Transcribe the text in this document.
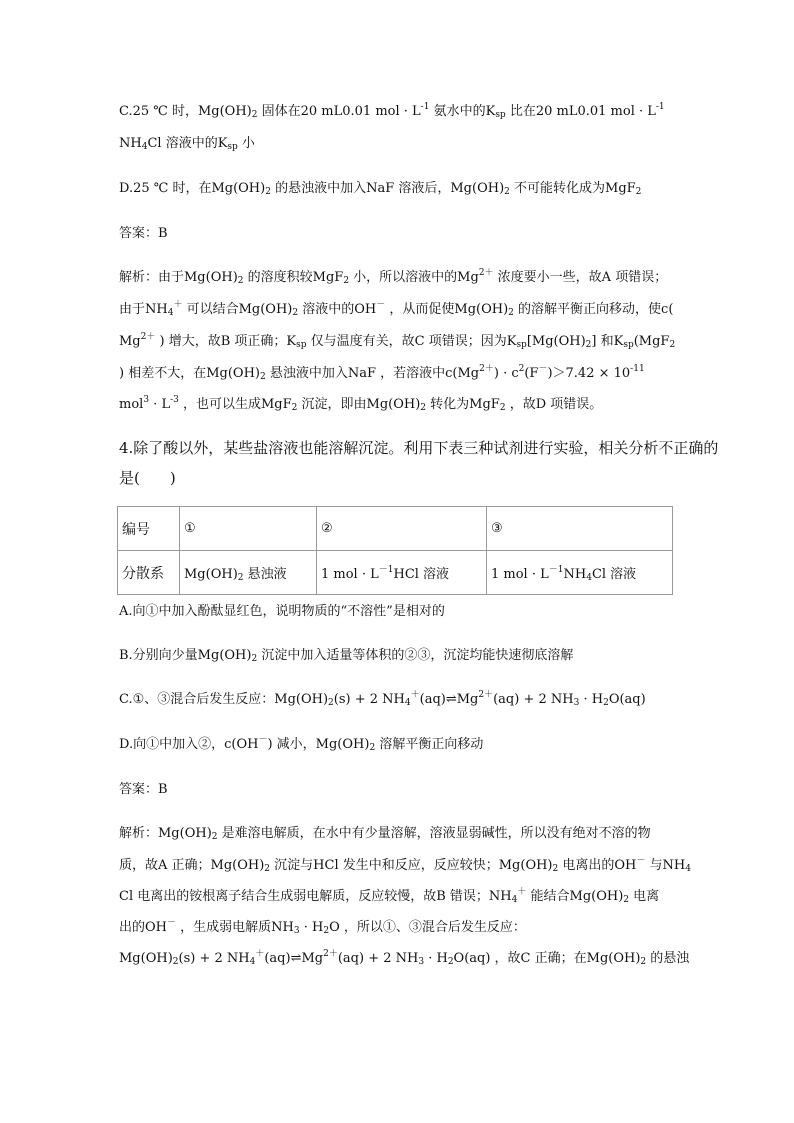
C.25 ℃ 时，$Mg(OH)_2$ 固体在20 mL0.01 mol · $L^{-1}$ 氨水中的$K_{sp}$ 比在20 mL0.01 mol · $L^{-1}$
$NH_4Cl$ 溶液中的$K_{sp}$ 小
D.25 ℃ 时，在$Mg(OH)_2$ 的悬浊液中加入NaF 溶液后，$Mg(OH)_2$ 不可能转化成为MgF$_2$
答案：B
解析：由于$Mg(OH)_2$ 的溶度积较MgF$_2$ 小，所以溶液中的$Mg^{2+}$ 浓度要小一些，故A 项错误；
由于$NH_4^+$ 可以结合$Mg(OH)_2$ 溶液中的OH－ ，从而促使$Mg(OH)_2$ 的溶解平衡正向移动，使c(
$Mg^{2+}$ ) 增大，故B 项正确；$K_{sp}$ 仅与温度有关，故C 项错误；因为$K_{sp}[Mg(OH)_2]$ 和$K_{sp}(MgF_2$
) 相差不大，在$Mg(OH)_2$ 悬浊液中加入NaF ，若溶液中$c(Mg^{2+}) \cdot c^2(F^-)>7.42 \times 10^{-11}$
$mol^3 \cdot L^{-3}$ ，也可以生成MgF$_2$ 沉淀，即由$Mg(OH)_2$ 转化为MgF$_2$ ，故D 项错误。
4.除了酸以外，某些盐溶液也能溶解沉淀。利用下表三种试剂进行实验，相关分析不正确的
是(　　)
编号	①	②	③
分散系	$Mg(OH)_2$ 悬浊液	1 mol · $L^{-1}HCl$ 溶液	1 mol · $L^{-1}NH_4Cl$ 溶液
A.向①中加入酚酞显红色，说明物质的“不溶性”是相对的
B.分别向少量$Mg(OH)_2$ 沉淀中加入适量等体积的②③，沉淀均能快速彻底溶解
C.①、③混合后发生反应：$Mg(OH)_2(s) + 2$ $NH_4^+(aq)\rightleftharpoons Mg^{2+}(aq) + 2$ $NH_3 \cdot H_2O(aq)$
D.向①中加入②，c(OH－) 减小，$Mg(OH)_2$ 溶解平衡正向移动
答案：B
解析：$Mg(OH)_2$ 是难溶电解质，在水中有少量溶解，溶液显弱碱性，所以没有绝对不溶的物
质，故A 正确；$Mg(OH)_2$ 沉淀与HCl 发生中和反应，反应较快；$Mg(OH)_2$ 电离出的OH－ 与$NH_4$
Cl 电离出的铵根离子结合生成弱电解质，反应较慢，故B 错误；$NH_4^+$ 能结合$Mg(OH)_2$ 电离
出的OH－ ，生成弱电解质$NH_3 \cdot H_2O$ ，所以①、③混合后发生反应：
$Mg(OH)_2(s) + 2$ $NH_4^+(aq)\rightleftharpoons Mg^{2+}(aq) + 2$ $NH_3 \cdot H_2O(aq)$ ，故C 正确；在$Mg(OH)_2$ 的悬浊
